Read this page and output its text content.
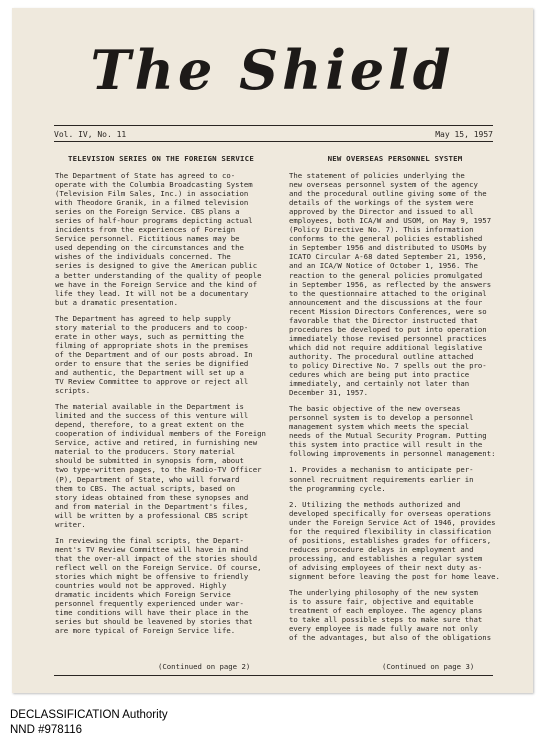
The Shield
Vol. IV, No. 11	May 15, 1957
TELEVISION SERIES ON THE FOREIGN SERVICE
The Department of State has agreed to co-
operate with the Columbia Broadcasting System
(Television Film Sales, Inc.) in association
with Theodore Granik, in a filmed television
series on the Foreign Service. CBS plans a
series of half-hour programs depicting actual
incidents from the experiences of Foreign
Service personnel. Fictitious names may be
used depending on the circumstances and the
wishes of the individuals concerned. The
series is designed to give the American public
a better understanding of the quality of people
we have in the Foreign Service and the kind of
life they lead. It will not be a documentary
but a dramatic presentation.
The Department has agreed to help supply
story material to the producers and to coop-
erate in other ways, such as permitting the
filming of appropriate shots in the premises
of the Department and of our posts abroad. In
order to ensure that the series be dignified
and authentic, the Department will set up a
TV Review Committee to approve or reject all
scripts.
The material available in the Department is
limited and the success of this venture will
depend, therefore, to a great extent on the
cooperation of individual members of the Foreign
Service, active and retired, in furnishing new
material to the producers. Story material
should be submitted in synopsis form, about
two type-written pages, to the Radio-TV Officer
(P), Department of State, who will forward
them to CBS. The actual scripts, based on
story ideas obtained from these synopses and
and from material in the Department's files,
will be written by a professional CBS script
writer.
In reviewing the final scripts, the Depart-
ment's TV Review Committee will have in mind
that the over-all impact of the stories should
reflect well on the Foreign Service. Of course,
stories which might be offensive to friendly
countries would not be approved. Highly
dramatic incidents which Foreign Service
personnel frequently experienced under war-
time conditions will have their place in the
series but should be leavened by stories that
are more typical of Foreign Service life.
(Continued on page 2)
NEW OVERSEAS PERSONNEL SYSTEM
The statement of policies underlying the
new overseas personnel system of the agency
and the procedural outline giving some of the
details of the workings of the system were
approved by the Director and issued to all
employees, both ICA/W and USOM, on May 9, 1957
(Policy Directive No. 7). This information
conforms to the general policies established
in September 1956 and distributed to USOMs by
ICATO Circular A-68 dated September 21, 1956,
and an ICA/W Notice of October 1, 1956. The
reaction to the general policies promulgated
in September 1956, as reflected by the answers
to the questionnaire attached to the original
announcement and the discussions at the four
recent Mission Directors Conferences, were so
favorable that the Director instructed that
procedures be developed to put into operation
immediately those revised personnel practices
which did not require additional legislative
authority. The procedural outline attached
to policy Directive No. 7 spells out the pro-
cedures which are being put into practice
immediately, and certainly not later than
December 31, 1957.
The basic objective of the new overseas
personnel system is to develop a personnel
management system which meets the special
needs of the Mutual Security Program. Putting
this system into practice will result in the
following improvements in personnel management:
1. Provides a mechanism to anticipate per-
sonnel recruitment requirements earlier in
the programming cycle.
2. Utilizing the methods authorized and
developed specifically for overseas operations
under the Foreign Service Act of 1946, provides
for the required flexibility in classification
of positions, establishes grades for officers,
reduces procedure delays in employment and
processing, and establishes a regular system
of advising employees of their next duty as-
signment before leaving the post for home leave.
The underlying philosophy of the new system
is to assure fair, objective and equitable
treatment of each employee. The agency plans
to take all possible steps to make sure that
every employee is made fully aware not only
of the advantages, but also of the obligations
(Continued on page 3)
DECLASSIFICATION Authority
NND #978116
